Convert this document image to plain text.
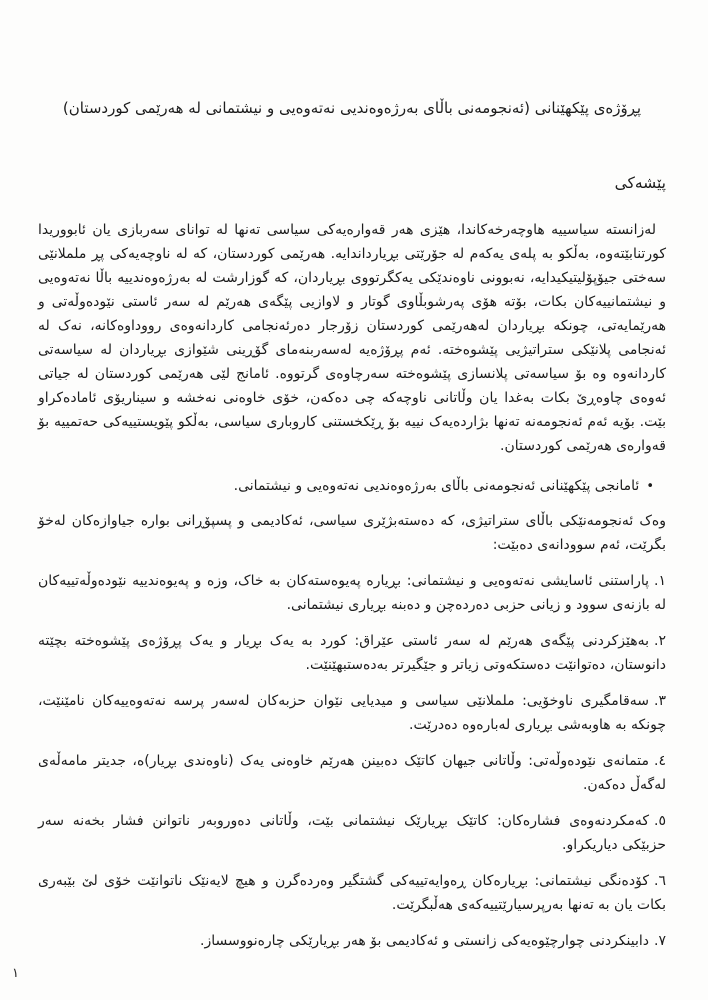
پڕۆژەی پێکهێنانی (ئەنجومەنی باڵای بەرژەوەندیی نەتەوەیی و نیشتمانی لە هەرێمی کوردستان)
پێشەکی

لەزانستە سیاسییە هاوچەرخەکاندا، هێزی هەر قەوارەیەکی سیاسی تەنها لە توانای سەربازی یان ئابووریدا کورتنابێتەوە، بەڵکو بە پلەی یەکەم لە جۆرێتی بڕیارداندایە. هەرێمی کوردستان، کە لە ناوچەیەکی پڕ ململانێی سەختی جیۆپۆلیتیکیدایە، نەبوونی ناوەندێکی یەکگرتووی بڕیاردان، کە گوزارشت لە بەرژەوەندییە باڵا نەتەوەیی و نیشتمانییەکان بکات، بۆتە هۆی پەرشوبڵاوی گوتار و لاوازیی پێگەی هەرێم لە سەر ئاستی نێودەوڵەتی و هەرێمایەتی، چونکە بڕیاردان لەهەرێمی کوردستان زۆرجار دەرئەنجامی کاردانەوەی رووداوەکانە، نەک لە ئەنجامی پلانێکی ستراتیژیی پێشوەختە. ئەم پڕۆژەیە لەسەربنەمای گۆڕینی شێوازی بڕیاردان لە سیاسەتی کاردانەوە وە بۆ سیاسەتی پلانسازی پێشوەختە سەرچاوەی گرتووە. ئامانج لێی هەرێمی کوردستان لە جیاتی ئەوەی چاوەڕێ بکات بەغدا یان وڵاتانی ناوچەکە چی دەکەن، خۆی خاوەنی نەخشە و سیناریۆی ئامادەکراو بێت. بۆیە ئەم ئەنجومەنە تەنها بژاردەیەک نییە بۆ ڕێکخستنی کاروباری سیاسی، بەڵکو پێویستییەکی حەتمییە بۆ قەوارەی هەرێمی کوردستان.

•ئامانجی پێکهێنانی ئەنجومەنی باڵای بەرژەوەندیی نەتەوەیی و نیشتمانی.

وەک ئەنجومەنێکی باڵای ستراتیژی، کە دەستەبژێری سیاسی، ئەکادیمی و پسپۆڕانی بوارە جیاوازەکان لەخۆ بگرێت، ئەم سوودانەی دەبێت:

١.پاراستنی ئاسایشی نەتەوەیی و نیشتمانی: بڕیارە پەیوەستەکان بە خاک، وزە و پەیوەندییە نێودەوڵەتییەکان لە بازنەی سوود و زیانی حزبی دەردەچن و دەبنە بڕیاری نیشتمانی.

٢.بەهێزکردنی پێگەی هەرێم لە سەر ئاستی عێراق: کورد بە یەک بڕیار و یەک پڕۆژەی پێشوەختە بچێتە دانوستان، دەتوانێت دەستکەوتی زیاتر و جێگیرتر بەدەستبهێنێت.

٣.سەقامگیری ناوخۆیی: ململانێی سیاسی و میدیایی نێوان حزبەکان لەسەر پرسە نەتەوەییەکان نامێنێت، چونکە بە هاوبەشی بڕیاری لەبارەوە دەدرێت.

٤.متمانەی نێودەوڵەتی: وڵاتانی جیهان کاتێک دەبینن هەرێم خاوەنی یەک (ناوەندی بڕیار)ە، جدیتر مامەڵەی لەگەڵ دەکەن.

٥.کەمکردنەوەی فشارەکان: کاتێک بڕیارێک نیشتمانی بێت، وڵاتانی دەوروبەر ناتوانن فشار بخەنە سەر حزبێکی دیاریکراو.

٦.کۆدەنگی نیشتمانی: بڕیارەکان ڕەوایەتییەکی گشتگیر وەردەگرن و هیچ لایەنێک ناتوانێت خۆی لێ بێبەری بکات یان بە تەنها بەرپرسیارێتییەکەی هەڵبگرێت.

٧.دابینکردنی چوارچێوەیەکی زانستی و ئەکادیمی بۆ هەر بڕیارێکی چارەنووسساز.

١
